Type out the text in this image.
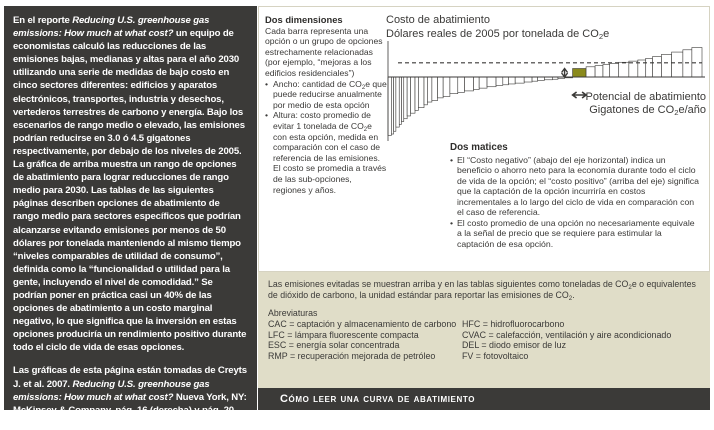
En el reporte Reducing U.S. greenhouse gas emissions: How much at what cost? un equipo de economistas calculó las reducciones de las emisiones bajas, medianas y altas para el año 2030 utilizando una serie de medidas de bajo costo en cinco sectores diferentes: edificios y aparatos electrónicos, transportes, industria y desechos, vertederos terrestres de carbono y energía. Bajo los escenarios de rango medio o elevado, las emisiones podrían reducirse en 3.0 ó 4.5 gigatones respectivamente, por debajo de los niveles de 2005. La gráfica de arriba muestra un rango de opciones de abatimiento para lograr reducciones de rango medio para 2030. Las tablas de las siguientes páginas describen opciones de abatimiento de rango medio para sectores específicos que podrían alcanzarse evitando emisiones por menos de 50 dólares por tonelada manteniendo al mismo tiempo “niveles comparables de utilidad de consumo”, definida como la “funcionalidad o utilidad para la gente, incluyendo el nivel de comodidad.” Se podrían poner en práctica casi un 40% de las opciones de abatimiento a un costo marginal negativo, lo que significa que la inversión en estas opciones produciría un rendimiento positivo durante todo el ciclo de vida de esas opciones.

Las gráficas de esta página están tomadas de Creyts J. et al. 2007. Reducing U.S. greenhouse gas emissions: How much at what cost? Nueva York, NY: McKinsey & Company, pág. 16 (derecha) y pág. 20 (arriba).

Dos dimensiones
Cada barra representa una opción o un grupo de opciones estrechamente relacionadas (por ejemplo, “mejoras a los edificios residenciales”)
• Ancho: cantidad de $CO_2e$ que puede reducirse anualmente por medio de esta opción
• Altura: costo promedio de evitar 1 tonelada de $CO_2e$ con esta opción, medida en comparación con el caso de referencia de las emisiones. El costo se promedia a través de las sub-opciones, regiones y años.
Costo de abatimiento
Dólares reales de 2005 por tonelada de $CO_2e$
Potencial de abatimiento
Gigatones de $CO_2e$/año
Dos matices
• El “Costo negativo” (abajo del eje horizontal) indica un beneficio o ahorro neto para la economía durante todo el ciclo de vida de la opción; el “costo positivo” (arriba del eje) significa que la captación de la opción incurriría en costos incrementales a lo largo del ciclo de vida en comparación con el caso de referencia.
• El costo promedio de una opción no necesariamente equivale a la señal de precio que se requiere para estimular la captación de esa opción.
Las emisiones evitadas se muestran arriba y en las tablas siguientes como toneladas de $CO_2e$ o equivalentes de dióxido de carbono, la unidad estándar para reportar las emisiones de $CO_2$.
Abreviaturas
CAC = captación y almacenamiento de carbono HFC = hidrofluorocarbono
LFC = lámpara fluorescente compacta	CVAC = calefacción, ventilación y aire acondicionado
ESC = energía solar concentrada	DEL = diodo emisor de luz
RMP = recuperación mejorada de petróleo	FV = fotovoltaico
Cómo leer una curva de abatimiento
